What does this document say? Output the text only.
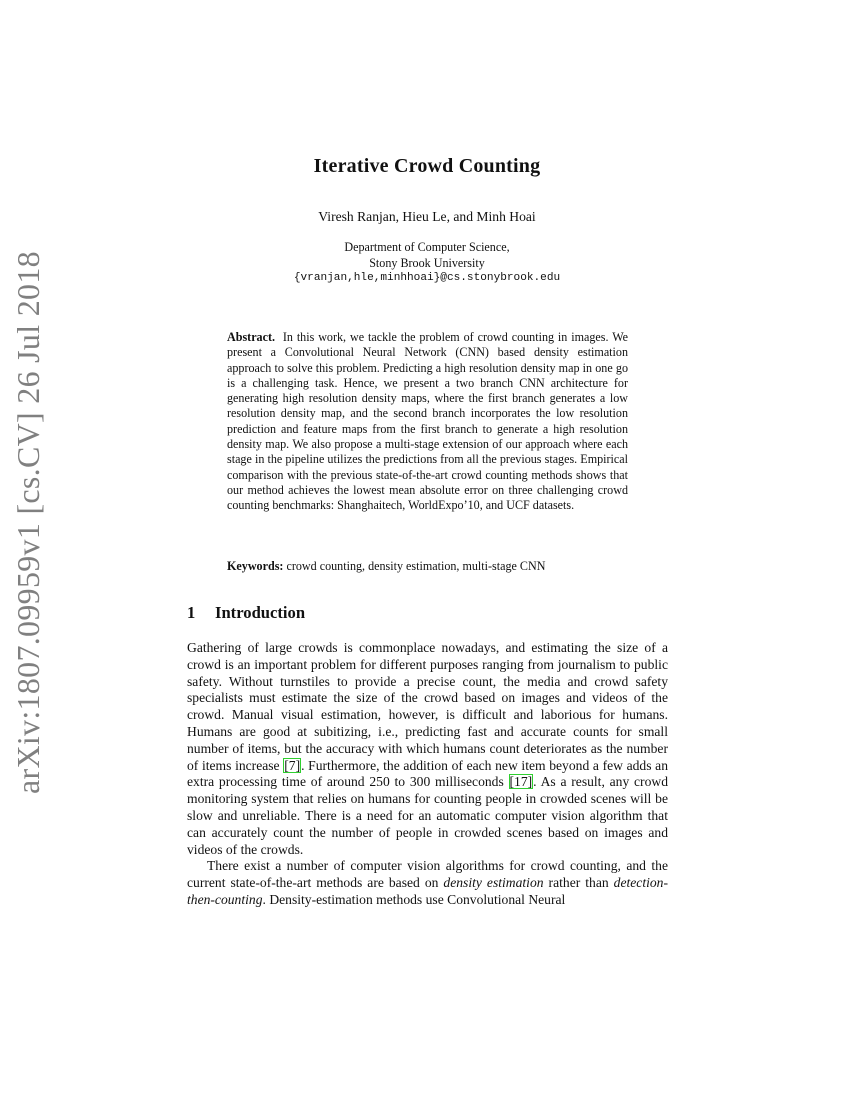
arXiv:1807.09959v1 [cs.CV] 26 Jul 2018
Iterative Crowd Counting
Viresh Ranjan, Hieu Le, and Minh Hoai
Department of Computer Science,
Stony Brook University
{vranjan,hle,minhhoai}@cs.stonybrook.edu
Abstract. In this work, we tackle the problem of crowd counting in images. We present a Convolutional Neural Network (CNN) based density estimation approach to solve this problem. Predicting a high resolution density map in one go is a challenging task. Hence, we present a two branch CNN architecture for generating high resolution density maps, where the first branch generates a low resolution density map, and the second branch incorporates the low resolution prediction and feature maps from the first branch to generate a high resolution density map. We also propose a multi-stage extension of our approach where each stage in the pipeline utilizes the predictions from all the previous stages. Empirical comparison with the previous state-of-the-art crowd counting methods shows that our method achieves the lowest mean absolute error on three challenging crowd counting benchmarks: Shanghaitech, WorldExpo’10, and UCF datasets.
Keywords: crowd counting, density estimation, multi-stage CNN
1 Introduction

Gathering of large crowds is commonplace nowadays, and estimating the size of a crowd is an important problem for different purposes ranging from journalism to public safety. Without turnstiles to provide a precise count, the media and crowd safety specialists must estimate the size of the crowd based on images and videos of the crowd. Manual visual estimation, however, is difficult and laborious for humans. Humans are good at subitizing, i.e., predicting fast and accurate counts for small number of items, but the accuracy with which humans count deteriorates as the number of items increase [7]. Furthermore, the addition of each new item beyond a few adds an extra processing time of around 250 to 300 milliseconds [17]. As a result, any crowd monitoring system that relies on humans for counting people in crowded scenes will be slow and unreliable. There is a need for an automatic computer vision algorithm that can accurately count the number of people in crowded scenes based on images and videos of the crowds.

There exist a number of computer vision algorithms for crowd counting, and the current state-of-the-art methods are based on density estimation rather than detection-then-counting. Density-estimation methods use Convolutional Neural
